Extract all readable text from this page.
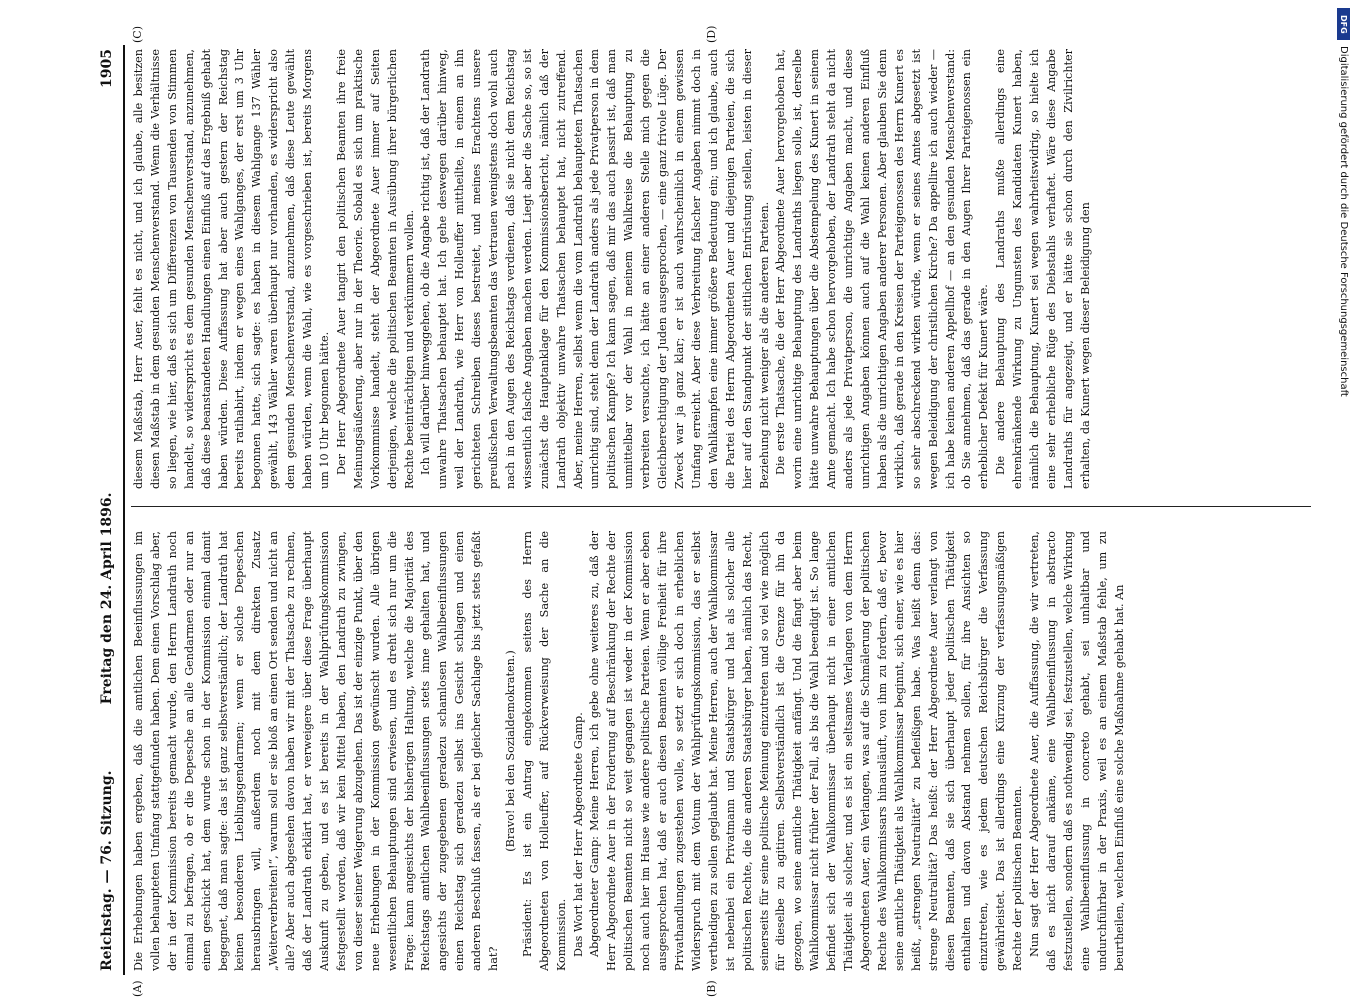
Reichstag. — 76. Sitzung.
Freitag den 24. April 1896.                                                                                   1905

Die Erhebungen haben ergeben, daß die amtlichen Beeinflussungen im vollen behaupteten Umfang stattgefunden haben. Dem einen Vorschlag aber, der in der Kommission bereits gemacht wurde, den Herrn Landrath noch einmal zu befragen, ob er die Depesche an alle Gendarmen oder nur an einen geschickt hat, dem wurde schon in der Kommission einmal damit begegnet, daß man sagte: das ist ganz selbstverständlich; der Landrath hat keinen besonderen Lieblingsgendarmen; wenn er solche Depeschen herausbringen will, außerdem noch mit dem direkten Zusatz „Weiterverbreiten!“, warum soll er sie bloß an einen Ort senden und nicht an alle? Aber auch abgesehen davon haben wir mit der Thatsache zu rechnen, daß der Landrath erklärt hat, er verweigere über diese Frage überhaupt Auskunft zu geben, und es ist bereits in der Wahlprüfungskommission festgestellt worden, daß wir kein Mittel haben, den Landrath zu zwingen, von dieser seiner Weigerung abzugehen. Das ist der einzige Punkt, über den neue Erhebungen in der Kommission gewünscht wurden. Alle übrigen wesentlichen Behauptungen sind erwiesen, und es dreht sich nur um die Frage: kann angesichts der bisherigen Haltung, welche die Majorität des Reichstags amtlichen Wahlbeeinflussungen stets inne gehalten hat, und angesichts der zugegebenen geradezu schamlosen Wahlbeeinflussungen einen Reichstag sich geradezu selbst ins Gesicht schlagen und einen anderen Beschluß fassen, als er bei gleicher Sachlage bis jetzt stets gefaßt hat?

(Bravo! bei den Sozialdemokraten.) Präsident: Es ist ein Antrag eingekommen seitens des Herrn Abgeordneten von Holleuffer, auf Rückverweisung der Sache an die Kommission. Das Wort hat der Herr Abgeordnete Gamp. Abgeordneter Gamp: Meine Herren, ich gebe ohne weiteres zu, daß der Herr Abgeordnete Auer in der Forderung auf Beschränkung der Rechte der politischen Beamten nicht so weit gegangen ist weder in der Kommission noch auch hier im Hause wie andere politische Parteien. Wenn er aber eben ausgesprochen hat, daß er auch diesen Beamten völlige Freiheit für ihre Privathandlungen zugestehen wolle, so setzt er sich doch in erheblichen Widerspruch mit dem Votum der Wahlprüfungskommission, das er selbst vertheidigen zu sollen geglaubt hat. Meine Herren, auch der Wahlkommissar ist nebenbei ein Privatmann und Staatsbürger und hat als solcher alle politischen Rechte, die die anderen Staatsbürger haben, nämlich das Recht, seinerseits für seine politische Meinung einzutreten und so viel wie möglich für dieselbe zu agitiren. Selbstverständlich ist die Grenze für ihn da gezogen, wo seine amtliche Thätigkeit anfängt. Und die fängt aber beim Wahlkommissar nicht früher der Fall, als bis die Wahl beendigt ist. So lange befindet sich der Wahlkommissar überhaupt nicht in einer amtlichen Thätigkeit als solcher, und es ist ein seltsames Verlangen von dem Herrn Abgeordneten Auer, ein Verlangen, was auf die Schmälerung der politischen Rechte des Wahlkommissars hinausläuft, von ihm zu fordern, daß er, bevor seine amtliche Thätigkeit als Wahlkommissar beginnt, sich einer, wie es hier heißt, „strengen Neutralität“ zu befleißigen habe. Was heißt denn das: strenge Neutralität? Das heißt: der Herr Abgeordnete Auer verlangt von diesen Beamten, daß sie sich überhaupt jeder politischen Thätigkeit enthalten und davon Abstand nehmen sollen, für ihre Ansichten so einzutreten, wie es jedem deutschen Reichsbürger die Verfassung gewährleistet. Das ist allerdings eine Kürzung der verfassungsmäßigen Rechte der politischen Beamten. Nun sagt der Herr Abgeordnete Auer, die Auffassung, die wir vertreten, daß es nicht darauf ankäme, eine Wahlbeeinflussung in abstracto festzustellen, sondern daß es nothwendig sei, festzustellen, welche Wirkung eine Wahlbeeinflussung in concreto gehabt, sei unhaltbar und undurchführbar in der Praxis, weil es an einem Maßstab fehle, um zu beurtheilen, welchen Einfluß eine solche Maßnahme gehabt hat. An

diesem Maßstab, Herr Auer, fehlt es nicht, und ich glaube, alle besitzen diesen Maßstab in dem gesunden Menschenverstand. Wenn die Verhältnisse so liegen, wie hier, daß es sich um Differenzen von Tausenden von Stimmen handelt, so widerspricht es dem gesunden Menschenverstand, anzunehmen, daß diese beanstandeten Handlungen einen Einfluß auf das Ergebniß gehabt haben würden. Diese Auffassung hat aber auch gestern der Reichstag bereits ratihabirt, indem er wegen eines Wahlganges, der erst um 3 Uhr begonnen hatte, sich sagte: es haben in diesem Wahlgange 137 Wähler gewählt, 143 Wähler waren überhaupt nur vorhanden, es widerspricht also dem gesunden Menschenverstand, anzunehmen, daß diese Leute gewählt haben würden, wenn die Wahl, wie es vorgeschrieben ist, bereits Morgens um 10 Uhr begonnen hätte. Der Herr Abgeordnete Auer tangirt den politischen Beamten ihre freie Meinungsäußerung, aber nur in der Theorie. Sobald es sich um praktische Vorkommnisse handelt, steht der Abgeordnete Auer immer auf Seiten derjenigen, welche die politischen Beamten in Ausübung ihrer bürgerlichen Rechte beeinträchtigen und verkümmern wollen. Ich will darüber hinweggehen, ob die Angabe richtig ist, daß der Landrath unwahre Thatsachen behauptet hat. Ich gehe deswegen darüber hinweg, weil der Landrath, wie Herr von Holleuffer mittheilte, in einem an ihn gerichteten Schreiben dieses bestreitet, und meines Erachtens unsere preußischen Verwaltungsbeamten das Vertrauen wenigstens doch wohl auch nach in den Augen des Reichstags verdienen, daß sie nicht dem Reichstag wissentlich falsche Angaben machen werden. Liegt aber die Sache so, so ist zunächst die Hauptanklage für den Kommissionsbericht, nämlich daß der Landrath objektiv unwahre Thatsachen behauptet hat, nicht zutreffend. Aber, meine Herren, selbst wenn die vom Landrath behaupteten Thatsachen unrichtig sind, steht denn der Landrath anders als jede Privatperson in dem politischen Kampfe? Ich kann sagen, daß mir das auch passirt ist, daß man unmittelbar vor der Wahl in meinem Wahlkreise die Behauptung zu verbreiten versuchte, ich hätte an einer anderen Stelle mich gegen die Gleichberechtigung der Juden ausgesprochen, — eine ganz frivole Lüge. Der Zweck war ja ganz klar; er ist auch wahrscheinlich in einem gewissen Umfang erreicht. Aber diese Verbreitung falscher Angaben nimmt doch in den Wahlkämpfen eine immer größere Bedeutung ein; und ich glaube, auch die Partei des Herrn Abgeordneten Auer und diejenigen Parteien, die sich hier auf den Standpunkt der sittlichen Entrüstung stellen, leisten in dieser Beziehung nicht weniger als die anderen Parteien. Die erste Thatsache, die der Herr Abgeordnete Auer hervorgehoben hat, worin eine unrichtige Behauptung des Landraths liegen solle, ist, derselbe hätte unwahre Behauptungen über die Abstempelung des Kunert in seinem Amte gemacht. Ich habe schon hervorgehoben, der Landrath steht da nicht anders als jede Privatperson, die unrichtige Angaben macht, und diese unrichtigen Angaben können auch auf die Wahl keinen anderen Einfluß haben als die unrichtigen Angaben anderer Personen. Aber glauben Sie denn wirklich, daß gerade in den Kreisen der Parteigenossen des Herrn Kunert es so sehr abschreckend wirken würde, wenn er seines Amtes abgesetzt ist wegen Beleidigung der christlichen Kirche? Da appellire ich auch wieder — ich habe keinen anderen Appellhof — an den gesunden Menschenverstand: ob Sie annehmen, daß das gerade in den Augen Ihrer Parteigenossen ein erheblicher Defekt für Kunert wäre. Die andere Behauptung des Landraths mußte allerdings eine ehrenkränkende Wirkung zu Ungunsten des Kandidaten Kunert haben, nämlich die Behauptung, Kunert sei wegen wahrheitswidrig, so hielte ich eine sehr erhebliche Rüge des Diebstahls verhaftet. Wäre diese Angabe Landraths für angezeigt, und er hätte sie schon durch den Zivilrichter erhalten, da Kunert wegen dieser Beleidigung den

(A)	(B)
(C)	(D)
DFG
Digitalisierung gefördert durch die Deutsche Forschungsgemeinschaft
